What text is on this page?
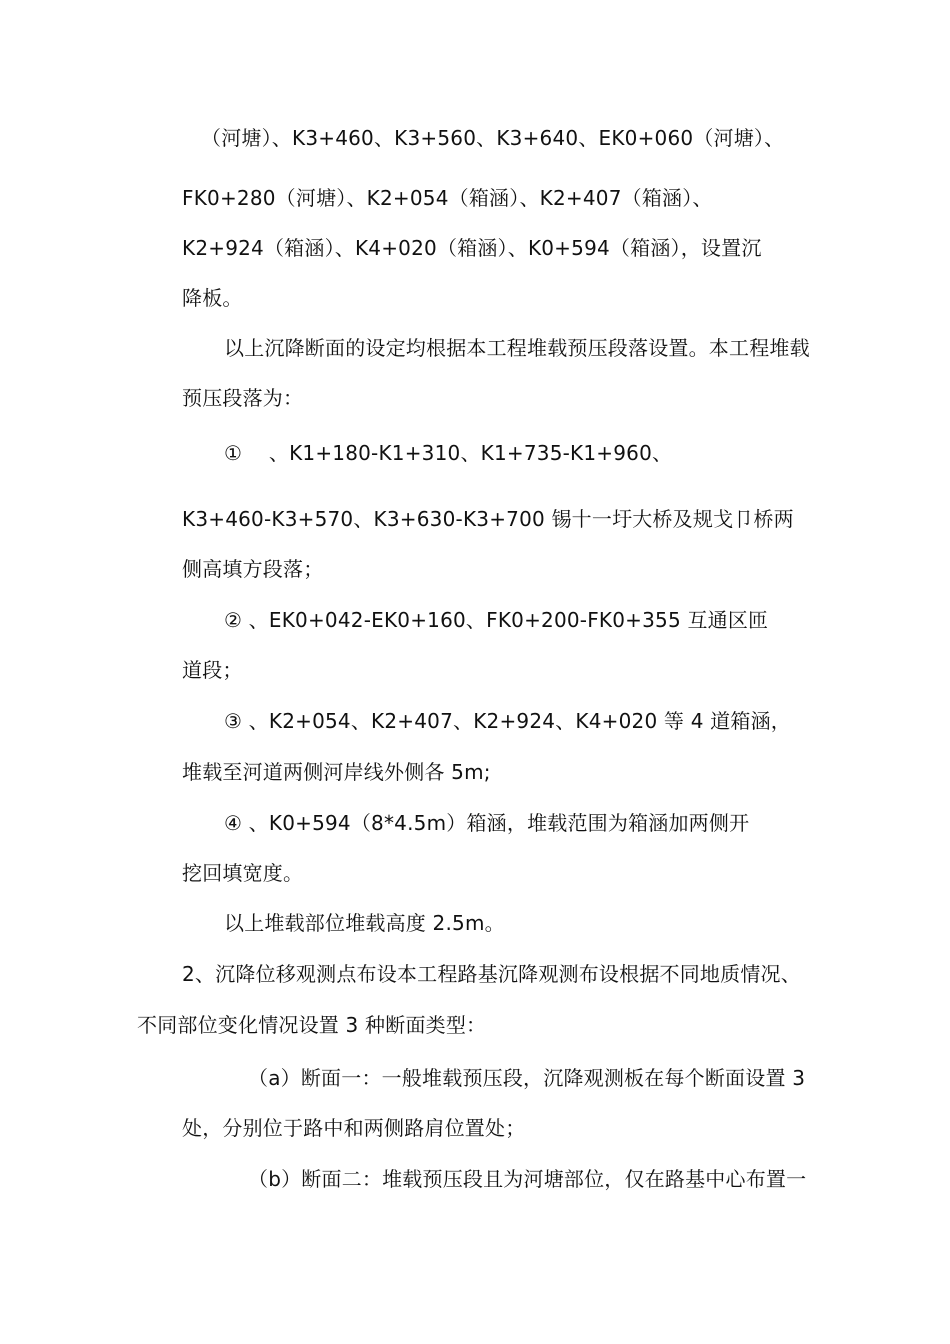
（河塘）、K3+460、K3+560、K3+640、EK0+060（河塘）、

FK0+280（河塘）、K2+054（箱涵）、K2+407（箱涵）、

K2+924（箱涵）、K4+020（箱涵）、K0+594（箱涵），设置沉

降板。

以上沉降断面的设定均根据本工程堆载预压段落设置。本工程堆载

预压段落为：

①　 、K1+180-K1+310、K1+735-K1+960、

K3+460-K3+570、K3+630-K3+700 锡十一圩大桥及规戈卩桥两

侧高填方段落；

② 、EK0+042-EK0+160、FK0+200-FK0+355 互通区匝

道段；

③ 、K2+054、K2+407、K2+924、K4+020 等 4 道箱涵，

堆载至河道两侧河岸线外侧各 5m;

④ 、K0+594（8*4.5m）箱涵，堆载范围为箱涵加两侧开

挖回填宽度。

以上堆载部位堆载高度 2.5m。

2、沉降位移观测点布设本工程路基沉降观测布设根据不同地质情况、

不同部位变化情况设置 3 种断面类型：

（a）断面一：一般堆载预压段，沉降观测板在每个断面设置 3

处，分别位于路中和两侧路肩位置处；

（b）断面二：堆载预压段且为河塘部位，仅在路基中心布置一
